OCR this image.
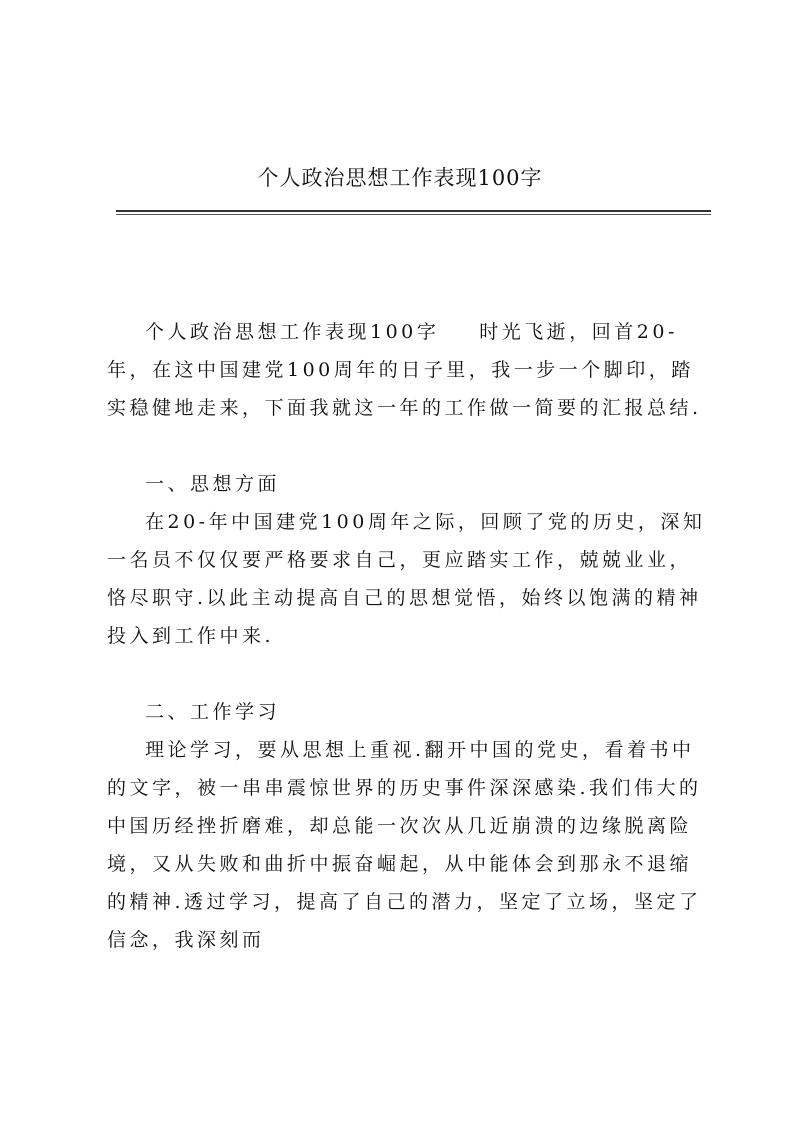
个人政治思想工作表现100字

个人政治思想工作表现100字 时光飞逝，回首20-年，在这中国建党100周年的日子里，我一步一个脚印，踏实稳健地走来，下面我就这一年的工作做一简要的汇报总结.

一、思想方面

在20-年中国建党100周年之际，回顾了党的历史，深知一名员不仅仅要严格要求自己，更应踏实工作，兢兢业业，恪尽职守.以此主动提高自己的思想觉悟，始终以饱满的精神投入到工作中来.

二、工作学习

理论学习，要从思想上重视.翻开中国的党史，看着书中的文字，被一串串震惊世界的历史事件深深感染.我们伟大的中国历经挫折磨难，却总能一次次从几近崩溃的边缘脱离险境，又从失败和曲折中振奋崛起，从中能体会到那永不退缩的精神.透过学习，提高了自己的潜力，坚定了立场，坚定了信念，我深刻而
